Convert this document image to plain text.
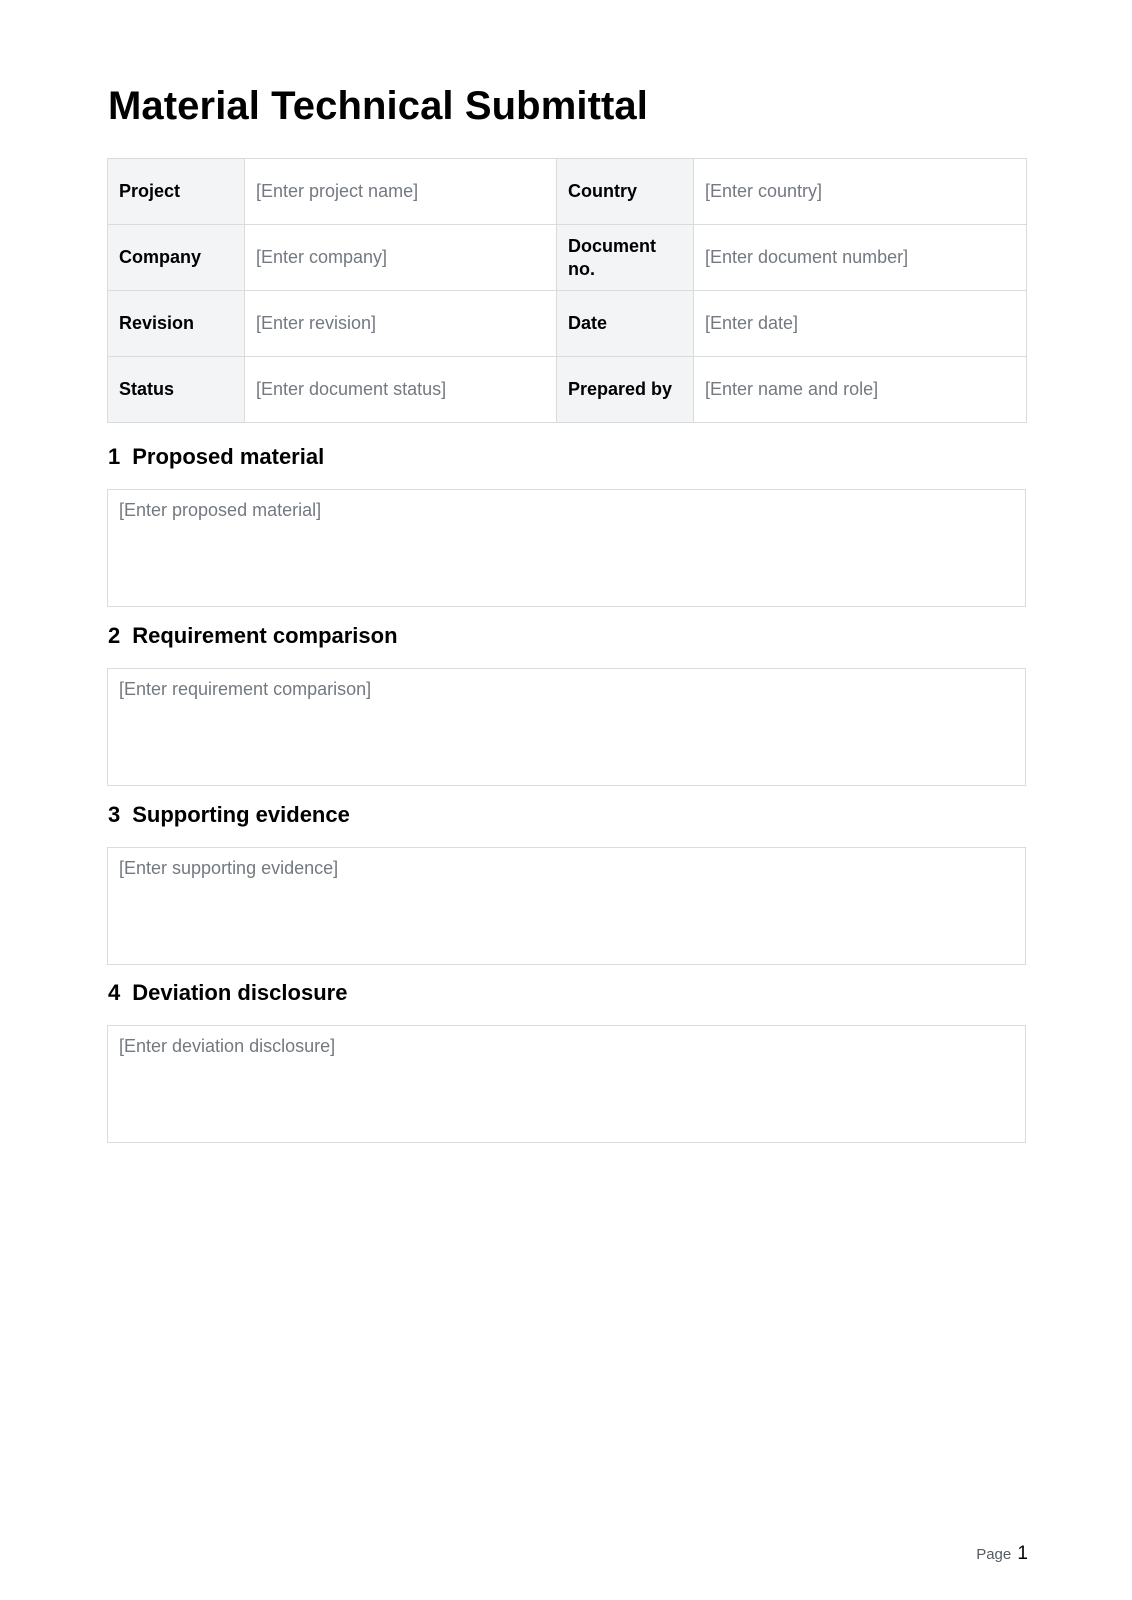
Material Technical Submittal
Project	[Enter project name]	Country	[Enter country]
Company	[Enter company]	Document no.	[Enter document number]
Revision	[Enter revision]	Date	[Enter date]
Status	[Enter document status]	Prepared by	[Enter name and role]
1 Proposed material
[Enter proposed material]
2 Requirement comparison
[Enter requirement comparison]
3 Supporting evidence
[Enter supporting evidence]
4 Deviation disclosure
[Enter deviation disclosure]
Page 1
